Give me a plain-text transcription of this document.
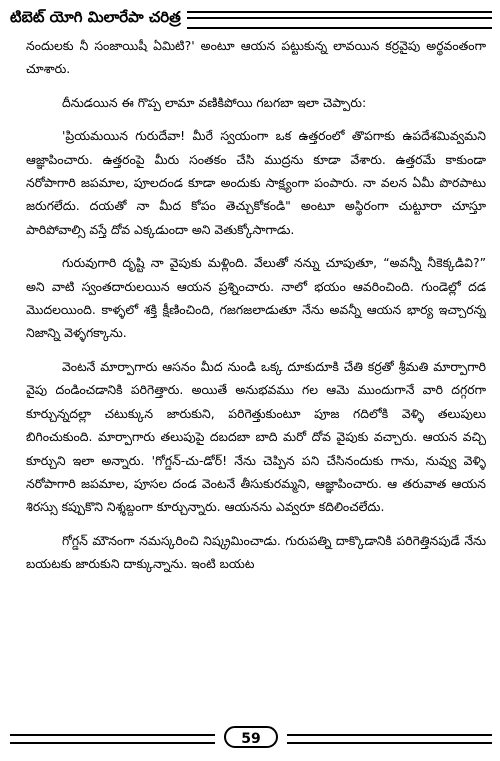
టిబెట్ యోగి మిలారేపా చరిత్ర

నందులకు నీ సంజాయిషీ ఏమిటి?' అంటూ ఆయన పట్టుకున్న లావయిన కర్రవైపు అర్థవంతంగా చూశారు.

దీనుడయిన ఈ గొప్ప లామా వణికిపోయి గబగబా ఇలా చెప్పారు:

'ప్రియమయిన గురుదేవా! మీరే స్వయంగా ఒక ఉత్తరంలో తొపగాకు ఉపదేశమివ్వమని ఆజ్ఞాపించారు. ఉత్తరంపై మీరు సంతకం చేసి ముద్రను కూడా వేశారు. ఉత్తరమే కాకుండా నరోపాగారి జపమాల, పూలదండ కూడా అందుకు సాక్ష్యంగా పంపారు. నా వలన ఏమీ పొరపాటు జరుగలేదు. దయతో నా మీద కోపం తెచ్చుకోకండి" అంటూ అస్థిరంగా చుట్టూరా చూస్తూ పారిపోవాల్సి వస్తే దోవ ఎక్కడుందా అని వెతుక్కోసాగాడు.

గురువుగారి దృష్టి నా వైపుకు మళ్లింది. వేలుతో నన్ను చూపుతూ, “అవన్నీ నీకెక్కడివి?” అని వాటి స్వంతదారులయిన ఆయన ప్రశ్నించారు. నాలో భయం ఆవరించింది. గుండెల్లో దడ మొదలయింది. కాళ్ళలో శక్తి క్షీణించింది, గజగజలాడుతూ నేను అవన్నీ ఆయన భార్య ఇచ్చారన్న నిజాన్ని వెళ్ళగక్కాను.

వెంటనే మార్పాగారు ఆసనం మీద నుండి ఒక్క దూకుదూకి చేతి కర్రతో శ్రీమతి మార్పాగారి వైపు దండించడానికి పరిగెత్తారు. అయితే అనుభవము గల ఆమె ముందుగానే వారి దగ్గరగా కూర్చున్నదల్లా చటుక్కున జారుకుని, పరిగెత్తుకుంటూ పూజ గదిలోకి వెళ్ళి తలుపులు బిగించుకుంది. మార్పాగారు తలుపుపై దబదబా బాది మరో దోవ వైపుకు వచ్చారు. ఆయన వచ్చి కూర్చుని ఇలా అన్నారు. 'గోగ్డన్-చు-డోర్! నేను చెప్పిన పని చేసినందుకు గాను, నువ్వు వెళ్ళి నరోపాగారి జపమాల, పూసల దండ వెంటనే తీసుకురమ్మని, ఆజ్ఞాపించారు. ఆ తరువాత ఆయన శిరస్సు కప్పుకొని నిశ్శబ్దంగా కూర్చున్నారు. ఆయనను ఎవ్వరూ కదిలించలేదు.

గోగ్డన్ మౌనంగా నమస్కరించి నిష్క్రమించాడు. గురుపత్ని దాక్కొడానికి పరిగెత్తినపుడే నేను బయటకు జారుకుని దాక్కున్నాను. ఇంటి బయట

59
